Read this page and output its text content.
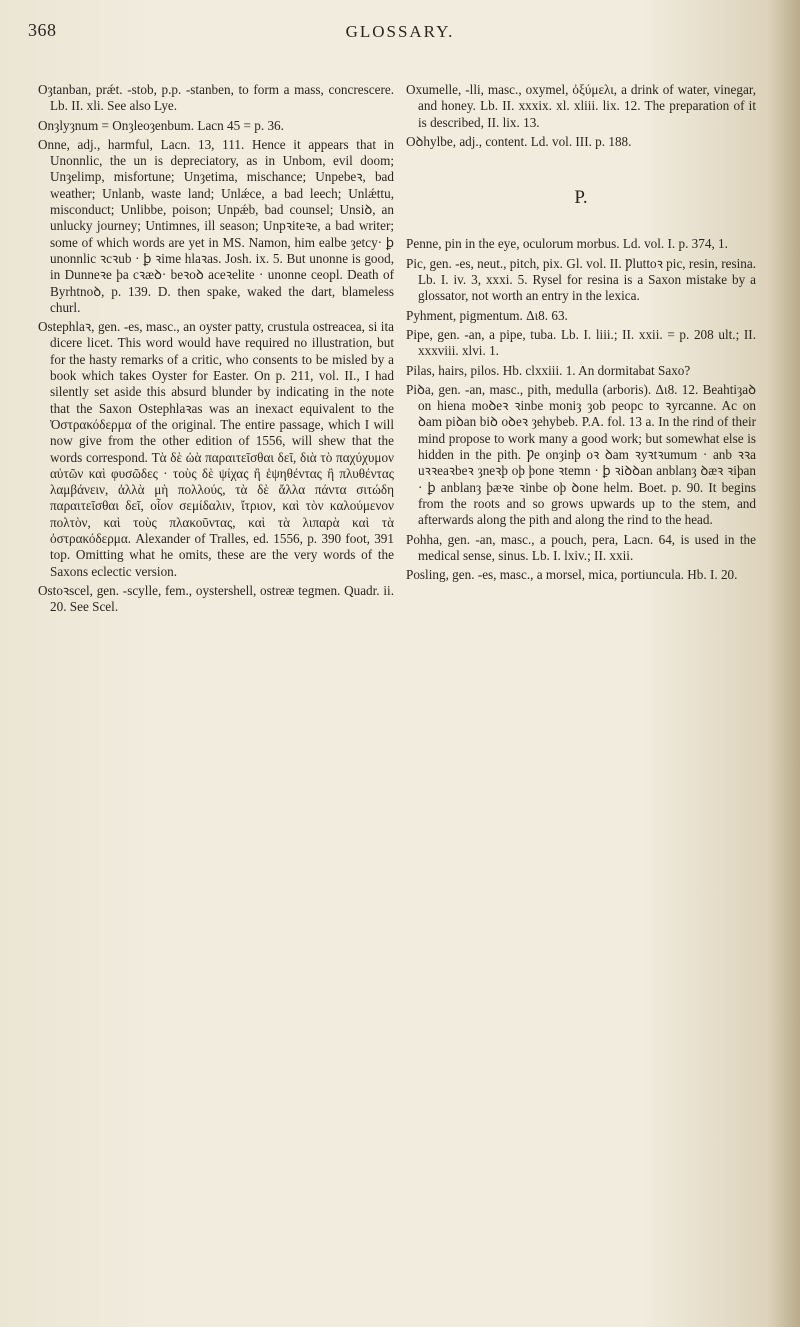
368	GLOSSARY.

Oȝtanban, prǽt. -stob, p.p. -stanben, to form a mass, concrescere. Lb. II. xli. See also Lye.

Onȝlyȝnum = Onȝleoȝenbum. Lacn 45 = p. 36.

Onne, adj., harmful, Lacn. 13, 111. Hence it appears that in Unonnlic, the un is depreciatory, as in Unbom, evil doom; Unȝelimp, misfortune; Unȝetima, mischance; Unpebeꝛ, bad weather; Unlanb, waste land; Unlǽce, a bad leech; Unlǽttu, misconduct; Unlibbe, poison; Unpǽb, bad counsel; Unsiꝺ, an unlucky journey; Untimnes, ill season; Unpꝛiteꝛe, a bad writer; some of which words are yet in MS. Namon, him ealbe ȝetcy· ꝧ unonnlic ꝛcꝛub · ꝧ ꝛime hlaꝛas. Josh. ix. 5. But unonne is good, in Dunneꝛe þa cꝛæꝺ· beꝛoꝺ aceꝛelite · unonne ceopl. Death of Byrhtnoꝺ, p. 139. D. then spake, waked the dart, blameless churl.

Ostephlaꝛ, gen. -es, masc., an oyster patty, crustula ostreacea, si ita dicere licet. This word would have required no illustration, but for the hasty remarks of a critic, who consents to be misled by a book which takes Oyster for Easter. On p. 211, vol. II., I had silently set aside this absurd blunder by indicating in the note that the Saxon Ostephlaꝛas was an inexact equivalent to the Ὀστρακόδερμα of the original. The entire passage, which I will now give from the other edition of 1556, will shew that the words correspond. Τὰ δὲ ὠὰ παραιτεῖσθαι δεῖ, διὰ τὸ παχύχυμον αὐτῶν καὶ φυσῶδες · τοὺς δὲ ψίχας ἢ ἑψηθέντας ἢ πλυθέντας λαμβάνειν, ἀλλὰ μὴ πολλούς, τὰ δὲ ἄλλα πάντα σιτώδη παραιτεῖσθαι δεῖ, οἷον σεμίδαλιν, ἴτριον, καὶ τὸν καλούμενον πολτὸν, καὶ τοὺς πλακοῦντας, καὶ τὰ λιπαρὰ καὶ τὰ ὀστρακόδερμα. Alexander of Tralles, ed. 1556, p. 390 foot, 391 top. Omitting what he omits, these are the very words of the Saxons eclectic version.

Ostoꝛscel, gen. -scylle, fem., oystershell, ostreæ tegmen. Quadr. ii. 20. See Scel.

Oxumelle, -lli, masc., oxymel, ὀξύμελι, a drink of water, vinegar, and honey. Lb. II. xxxix. xl. xliii. lix. 12. The preparation of it is described, II. lix. 13.

Oꝺhylbe, adj., content. Ld. vol. III. p. 188.

P.

Penne, pin in the eye, oculorum morbus. Ld. vol. I. p. 374, 1.

Pic, gen. -es, neut., pitch, pix. Gl. vol. II. Ƿluttoꝛ pic, resin, resina. Lb. I. iv. 3, xxxi. 5. Rysel for resina is a Saxon mistake by a glossator, not worth an entry in the lexica.

Pyhment, pigmentum. Δι8. 63.

Pipe, gen. -an, a pipe, tuba. Lb. I. liii.; II. xxii. = p. 208 ult.; II. xxxviii. xlvi. 1.

Pilas, hairs, pilos. Hb. clxxiii. 1. An dormitabat Saxo?

Piꝺa, gen. -an, masc., pith, medulla (arboris). Δι8. 12. Beahtiȝaꝺ on hiena moꝺeꝛ ꝛinbe moniȝ ȝob peopc to ꝛyrcanne. Ac on ꝺam piꝺan biꝺ oꝺeꝛ ȝehybeb. P.A. fol. 13 a. In the rind of their mind propose to work many a good work; but somewhat else is hidden in the pith. Ƿe onȝinþ oꝛ ꝺam ꝛyꝛtꝛumum · anb ꝛꝛa uꝛꝛeaꝛbeꝛ ȝneꝛþ oþ þone ꝛtemn · ꝧ ꝛiꝺꝺan anblanȝ ꝺæꝛ ꝛiþan · ꝧ anblanȝ þæꝛe ꝛinbe oþ ꝺone helm. Boet. p. 90. It begins from the roots and so grows upwards up to the stem, and afterwards along the pith and along the rind to the head.

Pohha, gen. -an, masc., a pouch, pera, Lacn. 64, is used in the medical sense, sinus. Lb. I. lxiv.; II. xxii.

Posling, gen. -es, masc., a morsel, mica, portiuncula. Hb. I. 20.
